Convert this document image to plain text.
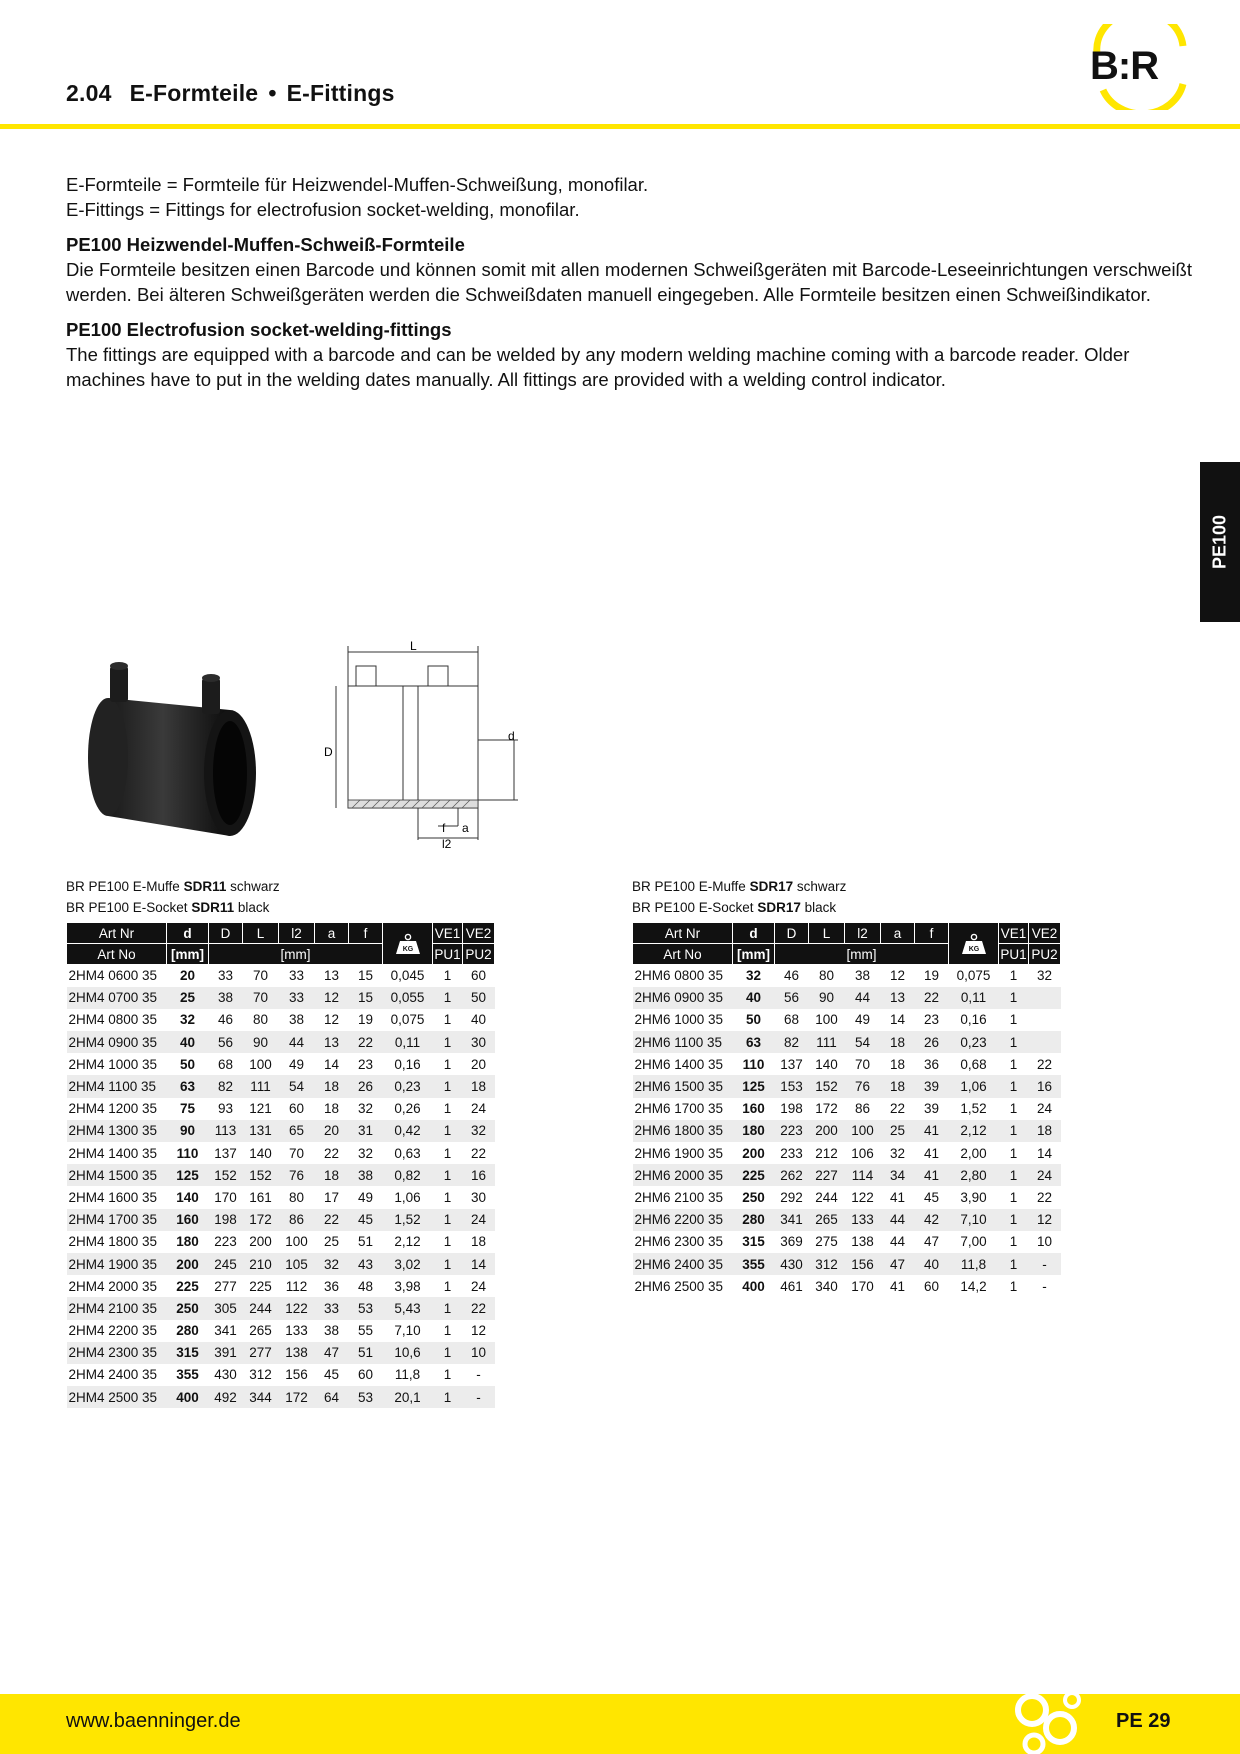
2.04 E-Formteile • E-Fittings
B:R

E-Formteile = Formteile für Heizwendel-Muffen-Schweißung, monofilar.

E-Fittings = Fittings for electrofusion socket-welding, monofilar.

PE100 Heizwendel-Muffen-Schweiß-Formteile

Die Formteile besitzen einen Barcode und können somit mit allen modernen Schweißgeräten mit Barcode-Leseeinrichtungen verschweißt werden. Bei älteren Schweißgeräten werden die Schweißdaten manuell eingegeben. Alle Formteile besitzen einen Schweißindikator.

PE100 Electrofusion socket-welding-fittings

The fittings are equipped with a barcode and can be welded by any modern welding machine coming with a barcode reader. Older machines have to put in the welding dates manually. All fittings are provided with a welding control indicator.

PE100
L
D
d
f a
l2
BR PE100 E-Muffe SDR11 schwarz
BR PE100 E-Socket SDR11 black
Art Nr	d	D	L	l2	a	f	KG	VE1	VE2
Art No	[mm]	[mm]						PU1	PU2
2HM4 0600 35	20	33	70	33	13	15	0,045	1	60
2HM4 0700 35	25	38	70	33	12	15	0,055	1	50
2HM4 0800 35	32	46	80	38	12	19	0,075	1	40
2HM4 0900 35	40	56	90	44	13	22	0,11	1	30
2HM4 1000 35	50	68	100	49	14	23	0,16	1	20
2HM4 1100 35	63	82	111	54	18	26	0,23	1	18
2HM4 1200 35	75	93	121	60	18	32	0,26	1	24
2HM4 1300 35	90	113	131	65	20	31	0,42	1	32
2HM4 1400 35	110	137	140	70	22	32	0,63	1	22
2HM4 1500 35	125	152	152	76	18	38	0,82	1	16
2HM4 1600 35	140	170	161	80	17	49	1,06	1	30
2HM4 1700 35	160	198	172	86	22	45	1,52	1	24
2HM4 1800 35	180	223	200	100	25	51	2,12	1	18
2HM4 1900 35	200	245	210	105	32	43	3,02	1	14
2HM4 2000 35	225	277	225	112	36	48	3,98	1	24
2HM4 2100 35	250	305	244	122	33	53	5,43	1	22
2HM4 2200 35	280	341	265	133	38	55	7,10	1	12
2HM4 2300 35	315	391	277	138	47	51	10,6	1	10
2HM4 2400 35	355	430	312	156	45	60	11,8	1	-
2HM4 2500 35	400	492	344	172	64	53	20,1	1	-
BR PE100 E-Muffe SDR17 schwarz
BR PE100 E-Socket SDR17 black
Art Nr	d	D	L	l2	a	f	KG	VE1	VE2
Art No	[mm]	[mm]						PU1	PU2
2HM6 0800 35	32	46	80	38	12	19	0,075	1	32
2HM6 0900 35	40	56	90	44	13	22	0,11	1	
2HM6 1000 35	50	68	100	49	14	23	0,16	1	
2HM6 1100 35	63	82	111	54	18	26	0,23	1	
2HM6 1400 35	110	137	140	70	18	36	0,68	1	22
2HM6 1500 35	125	153	152	76	18	39	1,06	1	16
2HM6 1700 35	160	198	172	86	22	39	1,52	1	24
2HM6 1800 35	180	223	200	100	25	41	2,12	1	18
2HM6 1900 35	200	233	212	106	32	41	2,00	1	14
2HM6 2000 35	225	262	227	114	34	41	2,80	1	24
2HM6 2100 35	250	292	244	122	41	45	3,90	1	22
2HM6 2200 35	280	341	265	133	44	42	7,10	1	12
2HM6 2300 35	315	369	275	138	44	47	7,00	1	10
2HM6 2400 35	355	430	312	156	47	40	11,8	1	-
2HM6 2500 35	400	461	340	170	41	60	14,2	1	-
www.baenninger.de	PE 29
